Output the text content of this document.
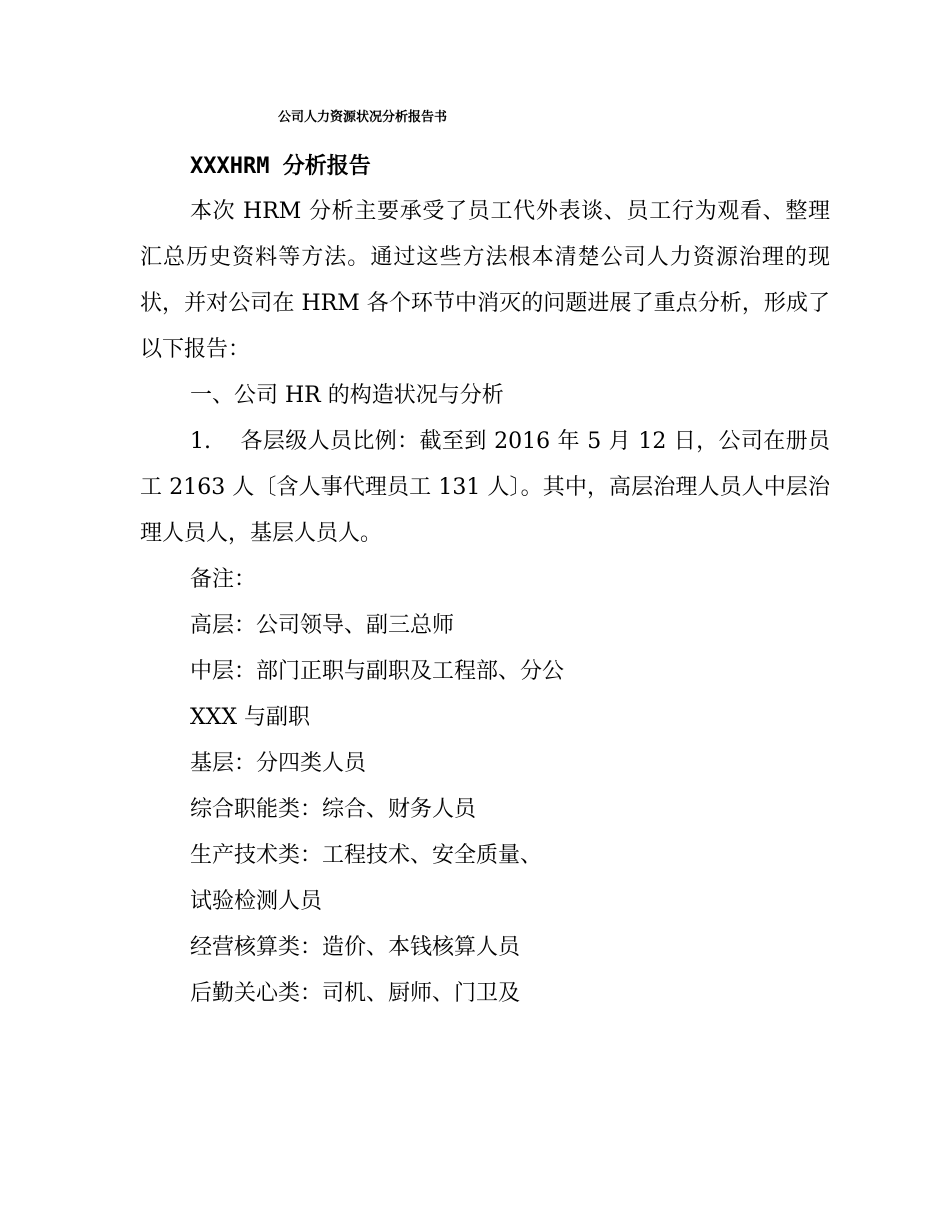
公司人力资源状况分析报告书
XXXHRM 分析报告
本次 HRM 分析主要承受了员工代外表谈、员工行为观看、整理汇总历史资料等方法。通过这些方法根本清楚公司人力资源治理的现状，并对公司在 HRM 各个环节中消灭的问题进展了重点分析，形成了以下报告：
一、公司 HR 的构造状况与分析
1.    各层级人员比例：截至到 2016 年 5 月 12 日，公司在册员工 2163 人〔含人事代理员工 131 人〕。其中，高层治理人员人中层治理人员人，基层人员人。
备注：
高层：公司领导、副三总师
中层：部门正职与副职及工程部、分公
XXX 与副职
基层：分四类人员
综合职能类：综合、财务人员
生产技术类：工程技术、安全质量、
试验检测人员
经营核算类：造价、本钱核算人员
后勤关心类：司机、厨师、门卫及
